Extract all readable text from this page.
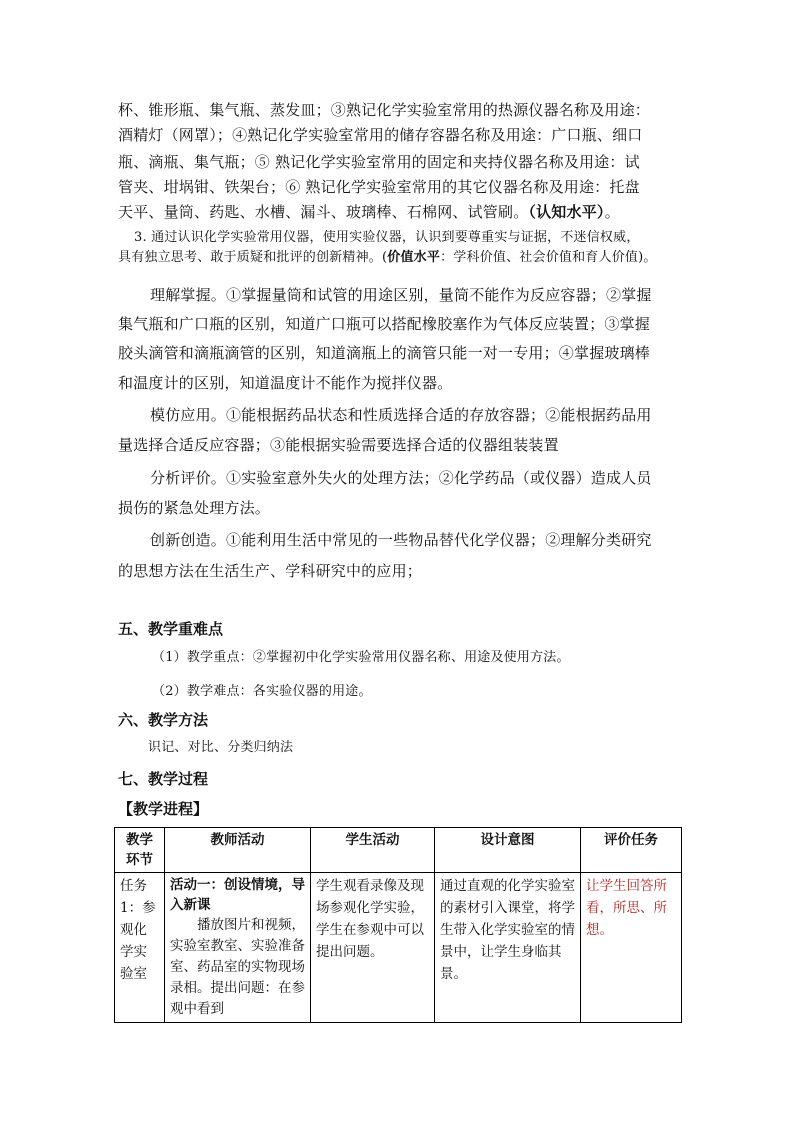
杯、锥形瓶、集气瓶、蒸发皿；③熟记化学实验室常用的热源仪器名称及用途：
酒精灯（网罩）；④熟记化学实验室常用的储存容器名称及用途：广口瓶、细口
瓶、滴瓶、集气瓶；⑤ 熟记化学实验室常用的固定和夹持仪器名称及用途：试
管夹、坩埚钳、铁架台；⑥ 熟记化学实验室常用的其它仪器名称及用途：托盘
天平、量筒、药匙、水槽、漏斗、玻璃棒、石棉网、试管刷。（认知水平）。
3. 通过认识化学实验常用仪器，使用实验仪器，认识到要尊重实与证据，不迷信权威，
具有独立思考、敢于质疑和批评的创新精神。(价值水平：学科价值、社会价值和育人价值)。
理解掌握。①掌握量筒和试管的用途区别，量筒不能作为反应容器；②掌握
集气瓶和广口瓶的区别，知道广口瓶可以搭配橡胶塞作为气体反应装置；③掌握
胶头滴管和滴瓶滴管的区别，知道滴瓶上的滴管只能一对一专用；④掌握玻璃棒
和温度计的区别，知道温度计不能作为搅拌仪器。
模仿应用。①能根据药品状态和性质选择合适的存放容器；②能根据药品用
量选择合适反应容器；③能根据实验需要选择合适的仪器组装装置
分析评价。①实验室意外失火的处理方法；②化学药品（或仪器）造成人员
损伤的紧急处理方法。
创新创造。①能利用生活中常见的一些物品替代化学仪器；②理解分类研究
的思想方法在生活生产、学科研究中的应用；
五、教学重难点
（1）教学重点：②掌握初中化学实验常用仪器名称、用途及使用方法。
（2）教学难点：各实验仪器的用途。
六、教学方法
识记、对比、分类归纳法
七、教学过程
【教学进程】
教学环节	教师活动	学生活动	设计意图	评价任务
任务1：参观化学实验室	活动一：创设情境，导入新课
播放图片和视频，实验室教室、实验准备室、药品室的实物现场录相。提出问题：在参观中看到	学生观看录像及现场参观化学实验，学生在参观中可以提出问题。	通过直观的化学实验室的素材引入课堂，将学生带入化学实验室的情景中，让学生身临其景。	让学生回答所看，所思、所想。
